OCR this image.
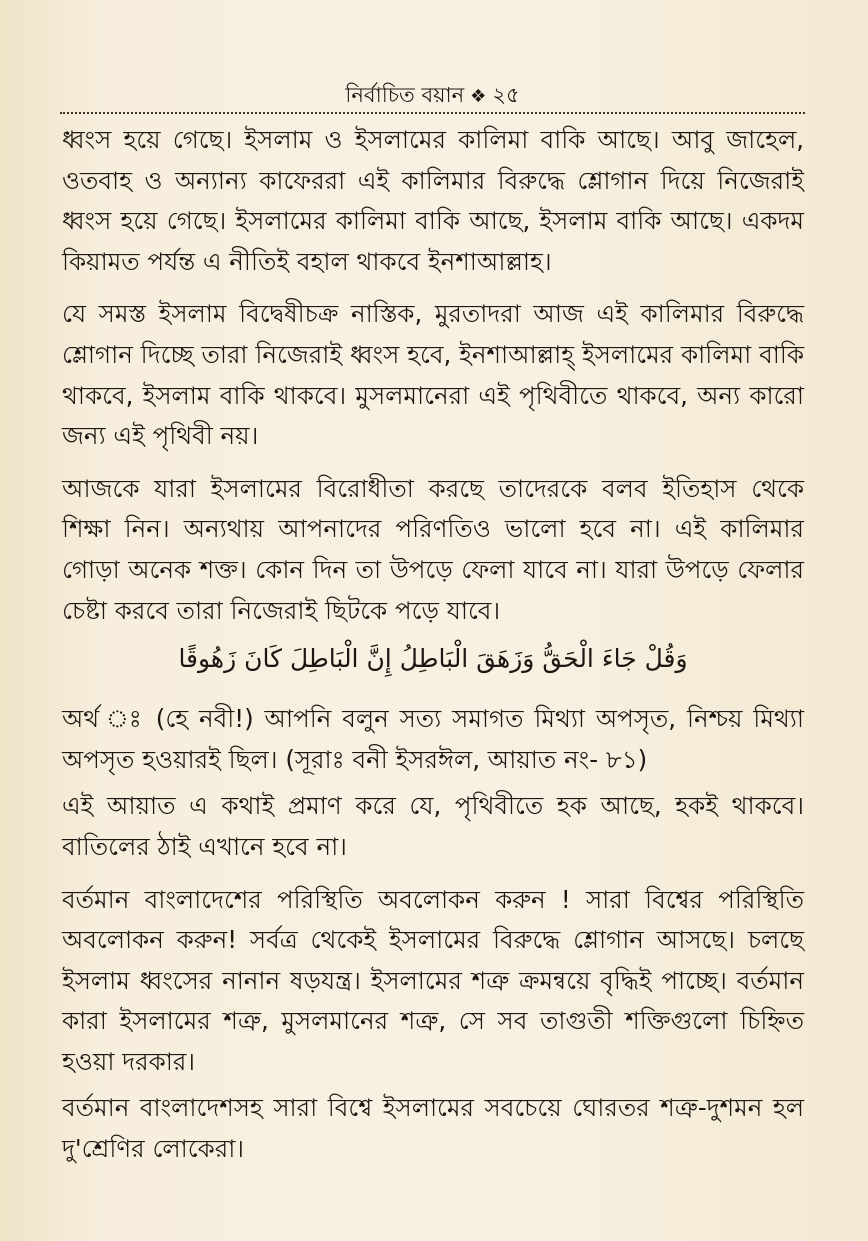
নির্বাচিত বয়ান ❖ ২৫

ধ্বংস হয়ে গেছে। ইসলাম ও ইসলামের কালিমা বাকি আছে। আবু জাহেল, ওতবাহ ও অন্যান্য কাফেররা এই কালিমার বিরুদ্ধে শ্লোগান দিয়ে নিজেরাই ধ্বংস হয়ে গেছে। ইসলামের কালিমা বাকি আছে, ইসলাম বাকি আছে। একদম কিয়ামত পর্যন্ত এ নীতিই বহাল থাকবে ইনশাআল্লাহ।

যে সমস্ত ইসলাম বিদ্বেষীচক্র নাস্তিক, মুরতাদরা আজ এই কালিমার বিরুদ্ধে শ্লোগান দিচ্ছে তারা নিজেরাই ধ্বংস হবে, ইনশাআল্লাহ্ ইসলামের কালিমা বাকি থাকবে, ইসলাম বাকি থাকবে। মুসলমানেরা এই পৃথিবীতে থাকবে, অন্য কারো জন্য এই পৃথিবী নয়।

আজকে যারা ইসলামের বিরোধীতা করছে তাদেরকে বলব ইতিহাস থেকে শিক্ষা নিন। অন্যথায় আপনাদের পরিণতিও ভালো হবে না। এই কালিমার গোড়া অনেক শক্ত। কোন দিন তা উপড়ে ফেলা যাবে না। যারা উপড়ে ফেলার চেষ্টা করবে তারা নিজেরাই ছিটকে পড়ে যাবে।

وَقُلْ جَاءَ الْحَقُّ وَزَهَقَ الْبَاطِلُ إِنَّ الْبَاطِلَ كَانَ زَهُوقًا

অর্থ ঃ (হে নবী!) আপনি বলুন সত্য সমাগত মিথ্যা অপসৃত, নিশ্চয় মিথ্যা অপসৃত হওয়ারই ছিল। (সূরাঃ বনী ইসরঈল, আয়াত নং- ৮১)

এই আয়াত এ কথাই প্রমাণ করে যে, পৃথিবীতে হক আছে, হকই থাকবে। বাতিলের ঠাই এখানে হবে না।

বর্তমান বাংলাদেশের পরিস্থিতি অবলোকন করুন ! সারা বিশ্বের পরিস্থিতি অবলোকন করুন! সর্বত্র থেকেই ইসলামের বিরুদ্ধে শ্লোগান আসছে। চলছে ইসলাম ধ্বংসের নানান ষড়যন্ত্র। ইসলামের শত্রু ক্রমন্বয়ে বৃদ্ধিই পাচ্ছে। বর্তমান কারা ইসলামের শত্রু, মুসলমানের শত্রু, সে সব তাগুতী শক্তিগুলো চিহ্নিত হওয়া দরকার।

বর্তমান বাংলাদেশসহ সারা বিশ্বে ইসলামের সবচেয়ে ঘোরতর শত্রু-দুশমন হল দু'শ্রেণির লোকেরা।
